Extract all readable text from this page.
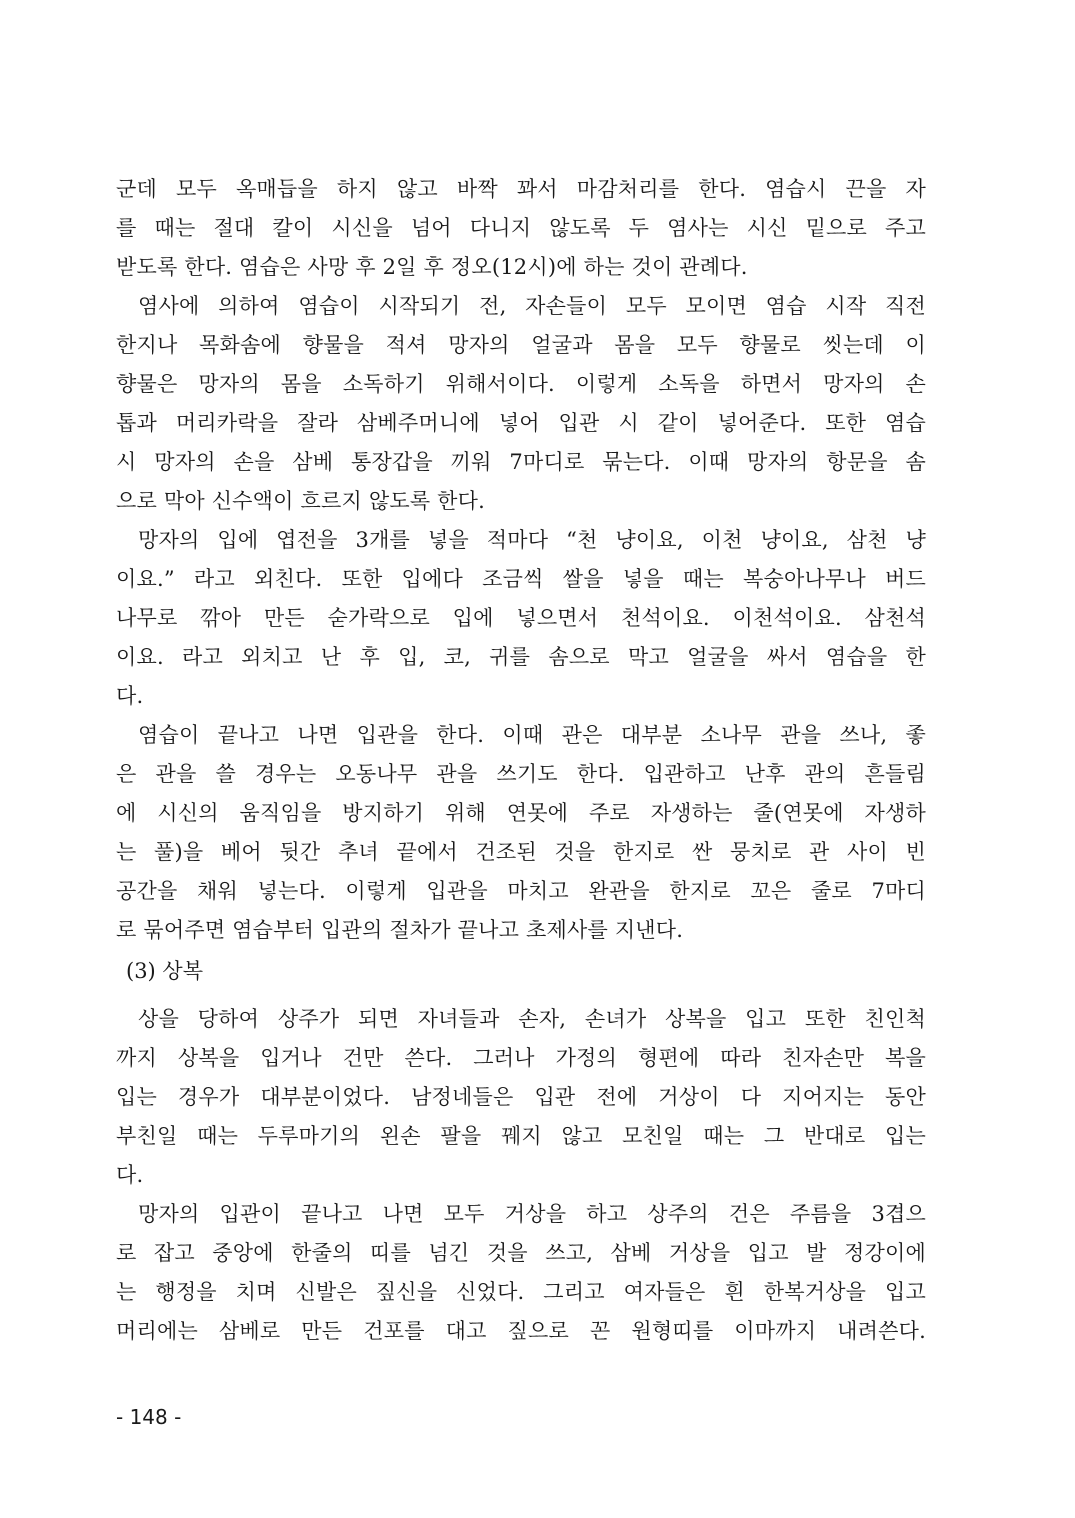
군데 모두 옥매듭을 하지 않고 바짝 꽈서 마감처리를 한다. 염습시 끈을 자
를 때는 절대 칼이 시신을 넘어 다니지 않도록 두 염사는 시신 밑으로 주고
받도록 한다. 염습은 사망 후 2일 후 정오(12시)에 하는 것이 관례다.
염사에 의하여 염습이 시작되기 전, 자손들이 모두 모이면 염습 시작 직전
한지나 목화솜에 향물을 적셔 망자의 얼굴과 몸을 모두 향물로 씻는데 이
향물은 망자의 몸을 소독하기 위해서이다. 이렇게 소독을 하면서 망자의 손
톱과 머리카락을 잘라 삼베주머니에 넣어 입관 시 같이 넣어준다. 또한 염습
시 망자의 손을 삼베 통장갑을 끼워 7마디로 묶는다. 이때 망자의 항문을 솜
으로 막아 신수액이 흐르지 않도록 한다.
망자의 입에 엽전을 3개를 넣을 적마다 “천 냥이요, 이천 냥이요, 삼천 냥
이요.” 라고 외친다. 또한 입에다 조금씩 쌀을 넣을 때는 복숭아나무나 버드
나무로 깎아 만든 숟가락으로 입에 넣으면서 천석이요. 이천석이요. 삼천석
이요. 라고 외치고 난 후 입, 코, 귀를 솜으로 막고 얼굴을 싸서 염습을 한
다.
염습이 끝나고 나면 입관을 한다. 이때 관은 대부분 소나무 관을 쓰나, 좋
은 관을 쓸 경우는 오동나무 관을 쓰기도 한다. 입관하고 난후 관의 흔들림
에 시신의 움직임을 방지하기 위해 연못에 주로 자생하는 줄(연못에 자생하
는 풀)을 베어 뒷간 추녀 끝에서 건조된 것을 한지로 싼 뭉치로 관 사이 빈
공간을 채워 넣는다. 이렇게 입관을 마치고 완관을 한지로 꼬은 줄로 7마디
로 묶어주면 염습부터 입관의 절차가 끝나고 초제사를 지낸다.
(3) 상복
상을 당하여 상주가 되면 자녀들과 손자, 손녀가 상복을 입고 또한 친인척
까지 상복을 입거나 건만 쓴다. 그러나 가정의 형편에 따라 친자손만 복을
입는 경우가 대부분이었다. 남정네들은 입관 전에 거상이 다 지어지는 동안
부친일 때는 두루마기의 왼손 팔을 꿰지 않고 모친일 때는 그 반대로 입는
다.
망자의 입관이 끝나고 나면 모두 거상을 하고 상주의 건은 주름을 3겹으
로 잡고 중앙에 한줄의 띠를 넘긴 것을 쓰고, 삼베 거상을 입고 발 정강이에
는 행정을 치며 신발은 짚신을 신었다. 그리고 여자들은 흰 한복거상을 입고
머리에는 삼베로 만든 건포를 대고 짚으로 꼰 원형띠를 이마까지 내려쓴다.
- 148 -
